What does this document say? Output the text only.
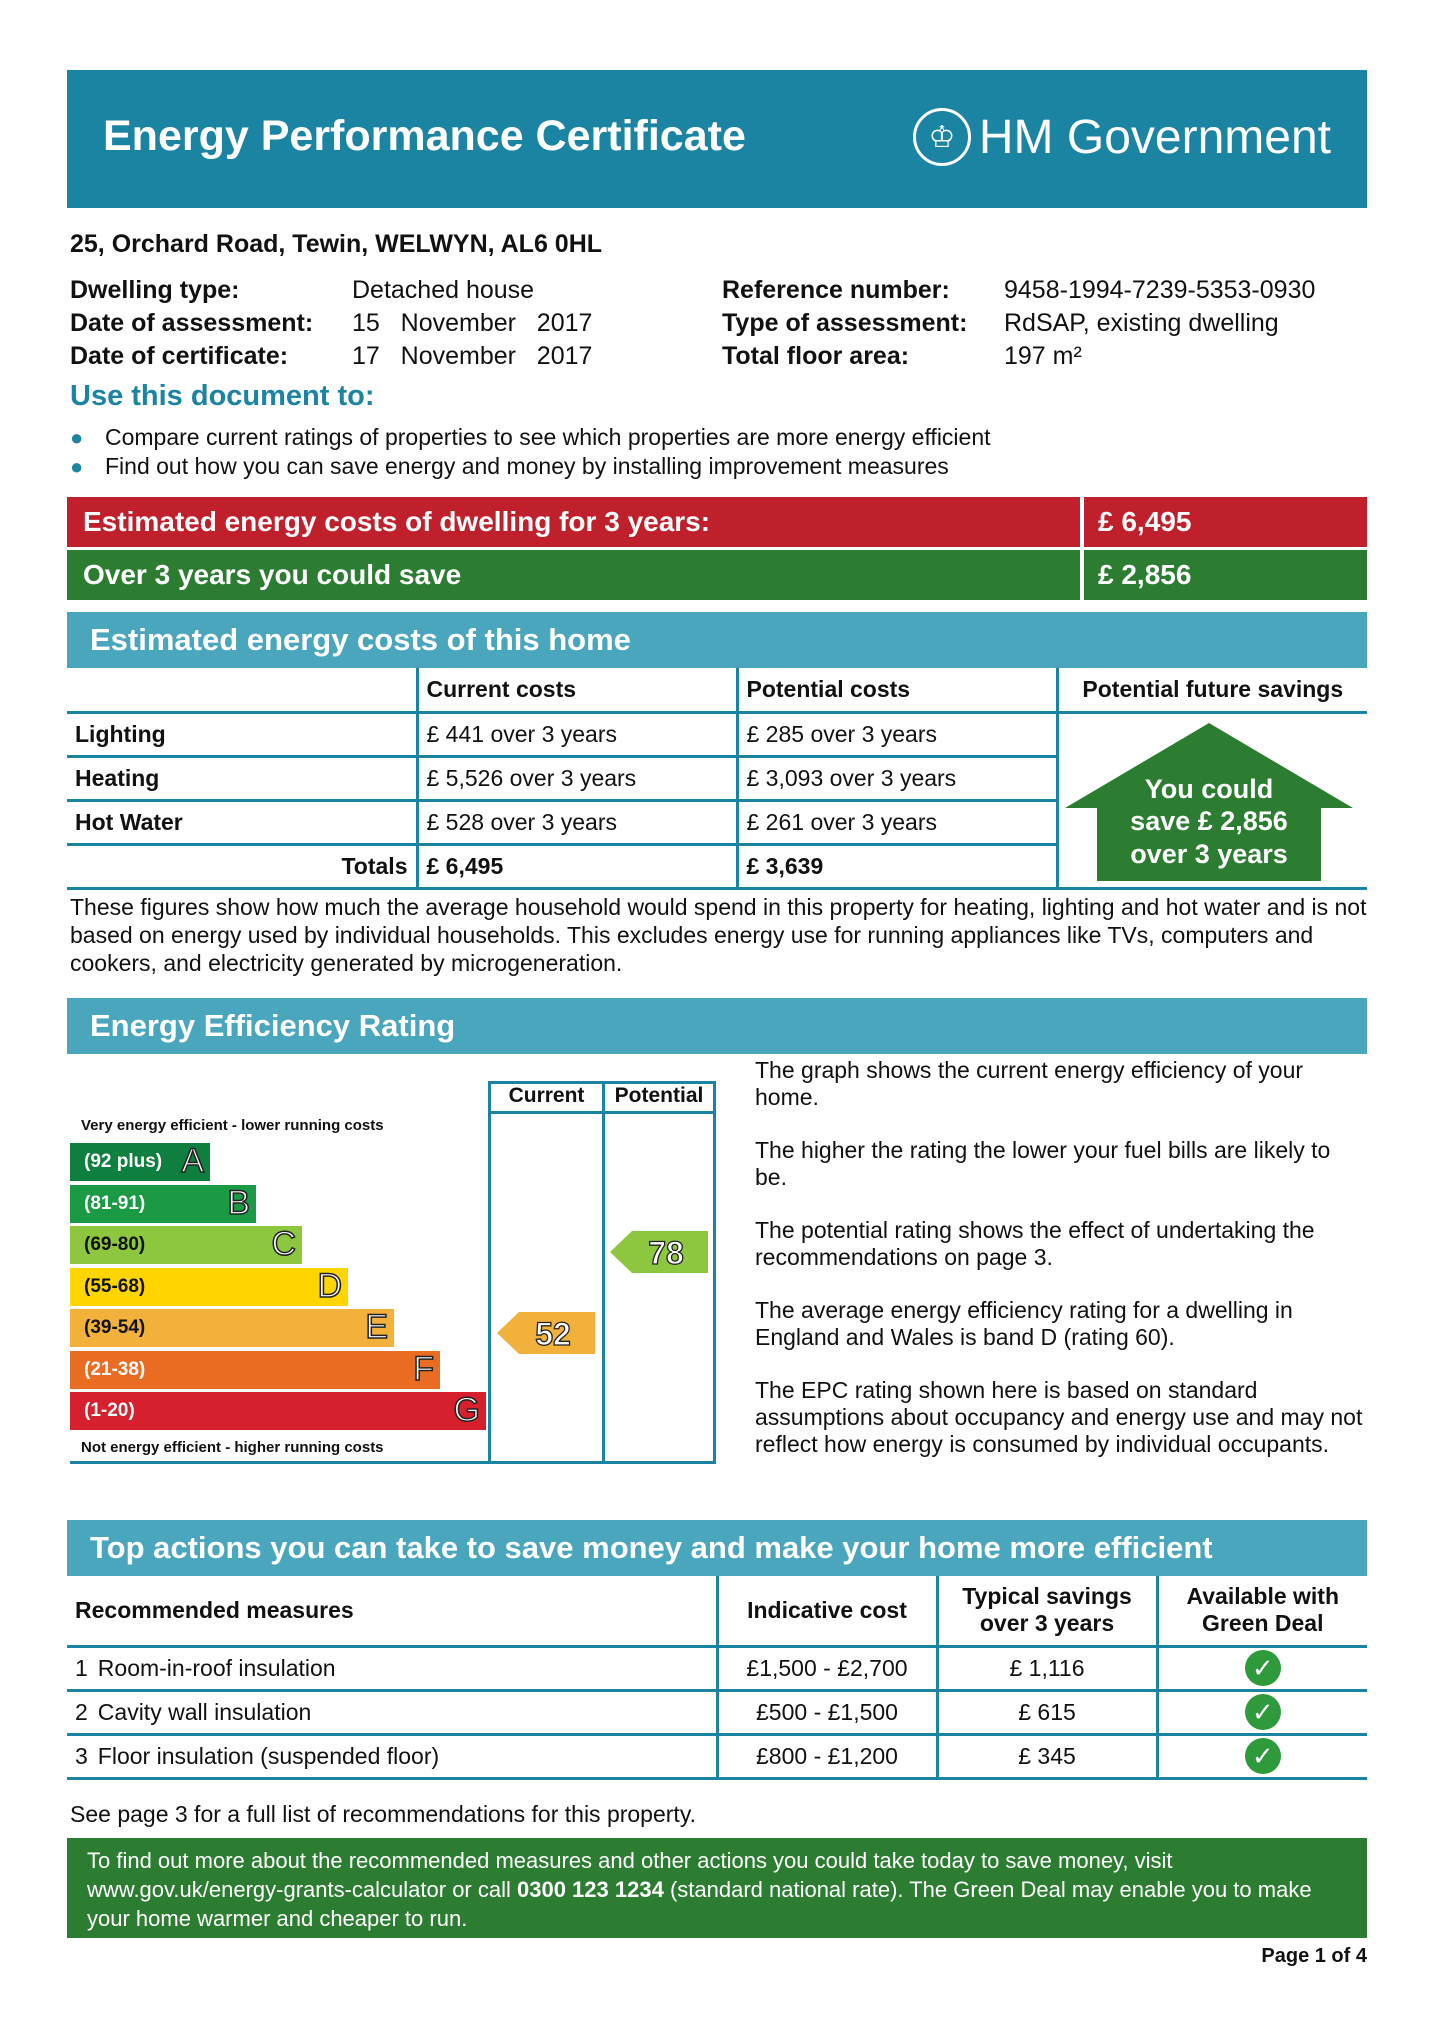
Energy Performance Certificate	♔ HM Government
25, Orchard Road, Tewin, WELWYN, AL6 0HL
Dwelling type:	Detached house
Date of assessment: 15   November   2017
Date of certificate:	17   November   2017
Reference number: 9458-1994-7239-5353-0930
Type of assessment: RdSAP, existing dwelling
Total floor area:	197 m²
Use this document to:
● Compare current ratings of properties to see which properties are more energy efficient
● Find out how you can save energy and money by installing improvement measures
Estimated energy costs of dwelling for 3 years:	£ 6,495
Over 3 years you could save	£ 2,856
Estimated energy costs of this home
	Current costs	Potential costs	Potential future savings
Lighting	£ 441 over 3 years	£ 285 over 3 years	
Heating	£ 5,526 over 3 years	£ 3,093 over 3 years	
Hot Water	£ 528 over 3 years	£ 261 over 3 years	
Totals	£ 6,495	£ 3,639	
You could
save £ 2,856
over 3 years
These figures show how much the average household would spend in this property for heating, lighting and hot water and is not based on energy used by individual households. This excludes energy use for running appliances like TVs, computers and cookers, and electricity generated by microgeneration.
Energy Efficiency Rating
Current	Potential
Very energy efficient - lower running costs
Not energy efficient - higher running costs
(92 plus) A
(81-91) B
(69-80)	C
(55-68)	D
(39-54)	E
(21-38)	F
(1-20)	G
52
78
The graph shows the current energy efficiency of your home.
The higher the rating the lower your fuel bills are likely to be.
The potential rating shows the effect of undertaking the recommendations on page 3.
The average energy efficiency rating for a dwelling in England and Wales is band D (rating 60).
The EPC rating shown here is based on standard assumptions about occupancy and energy use and may not reflect how energy is consumed by individual occupants.
Top actions you can take to save money and make your home more efficient
Recommended measures	Indicative cost	Typical savings over 3 years	Available with Green Deal
1 Room-in-roof insulation	£1,500 - £2,700	£ 1,116	✓
2 Cavity wall insulation	£500 - £1,500	£ 615	✓
3 Floor insulation (suspended floor)	£800 - £1,200	£ 345	✓
See page 3 for a full list of recommendations for this property.
To find out more about the recommended measures and other actions you could take today to save money, visit www.gov.uk/energy-grants-calculator or call 0300 123 1234 (standard national rate). The Green Deal may enable you to make your home warmer and cheaper to run.
Page 1 of 4
